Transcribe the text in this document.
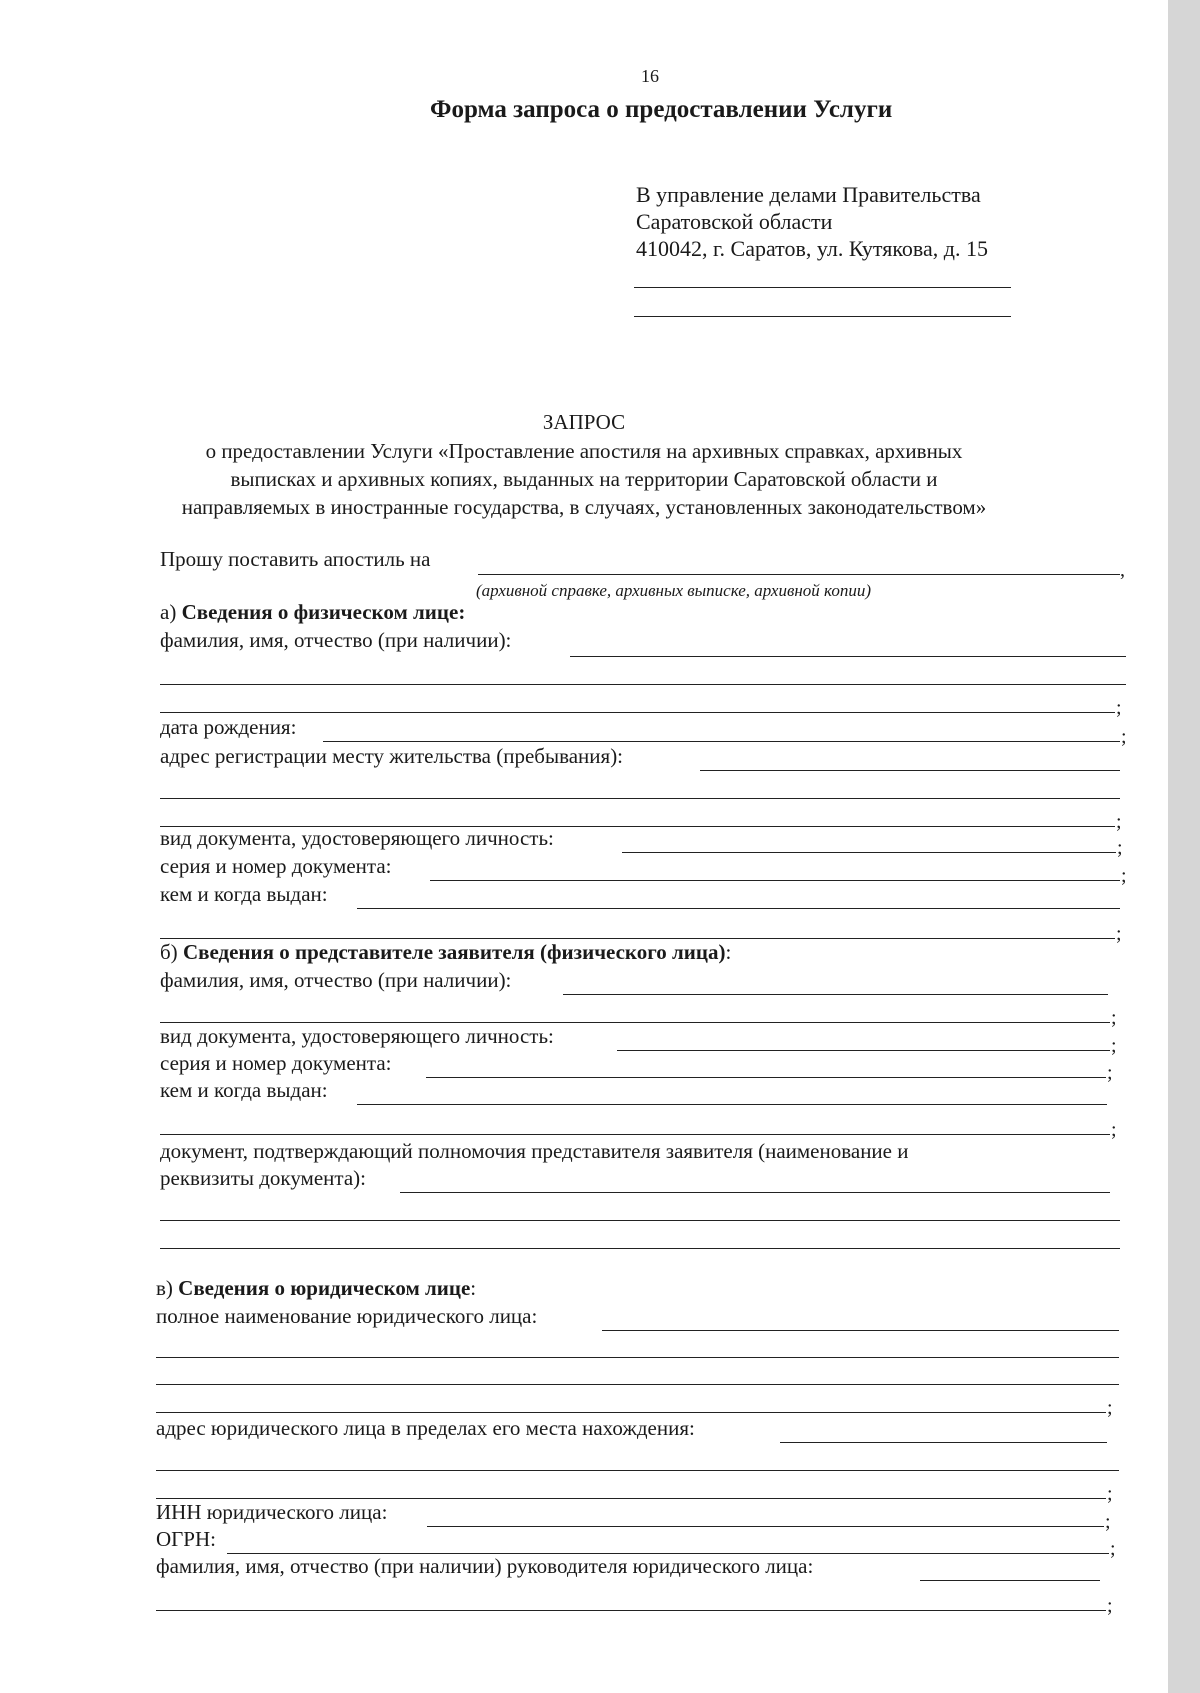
16
Форма запроса о предоставлении Услуги
В управление делами Правительства
Саратовской области
410042, г. Саратов, ул. Кутякова, д. 15
ЗАПРОС
о предоставлении Услуги «Проставление апостиля на архивных справках, архивных
выписках и архивных копиях, выданных на территории Саратовской области и
направляемых в иностранные государства, в случаях, установленных законодательством»
Прошу поставить апостиль на	,
(архивной справке, архивных выписке, архивной копии)
а) Сведения о физическом лице:
фамилия, имя, отчество (при наличии):
;
дата рождения:	;
адрес регистрации месту жительства (пребывания):
;
вид документа, удостоверяющего личность:	;
серия и номер документа:	;
кем и когда выдан:
;
б) Сведения о представителе заявителя (физического лица):
фамилия, имя, отчество (при наличии):
;
вид документа, удостоверяющего личность:	;
серия и номер документа:	;
кем и когда выдан:
;
документ, подтверждающий полномочия представителя заявителя (наименование и
реквизиты документа):
в) Сведения о юридическом лице:
полное наименование юридического лица:
;
адрес юридического лица в пределах его места нахождения:
;
ИНН юридического лица:	;
ОГРН:	;
фамилия, имя, отчество (при наличии) руководителя юридического лица:
;
